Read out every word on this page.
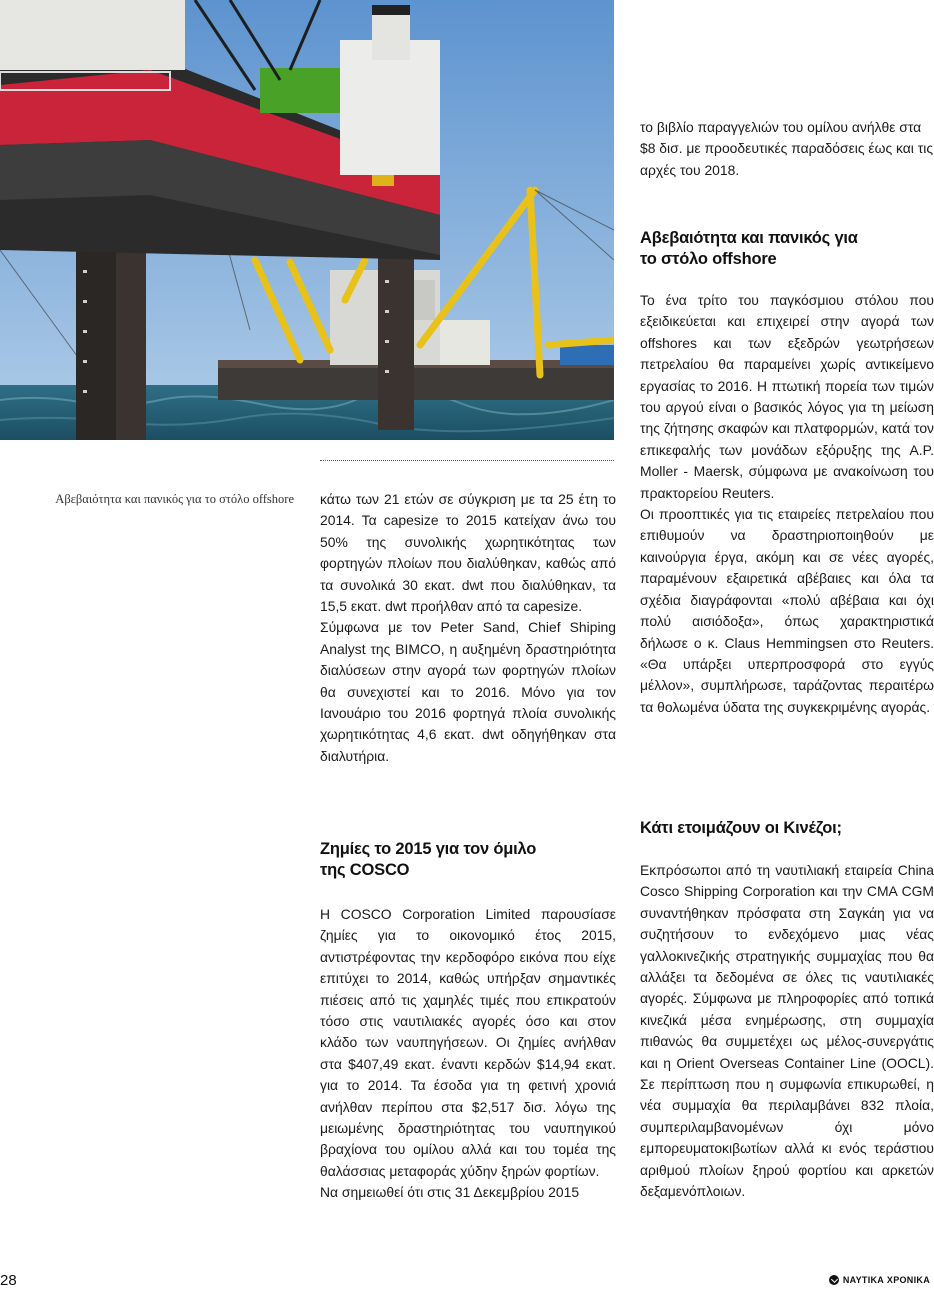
Αβεβαιότητα και πανικός για το στόλο offshore κάτω των 21 ετών σε σύγκριση με τα 25 έτη το 2014. Τα capesize το 2015 κατείχαν άνω του 50% της συνολικής χωρητικότητας των φορτηγών πλοίων που διαλύθηκαν, καθώς από τα συνολικά 30 εκατ. dwt που διαλύθηκαν, τα 15,5 εκατ. dwt προήλθαν από τα capesize.

Σύμφωνα με τον Peter Sand, Chief Shiping Analyst της BIMCO, η αυξημένη δραστηριότητα διαλύσεων στην αγορά των φορτηγών πλοίων θα συνεχιστεί και το 2016. Μόνο για τον Ιανουάριο του 2016 φορτηγά πλοία συνολικής χωρητικότητας 4,6 εκατ. dwt οδηγήθηκαν στα διαλυτήρια.

Ζημίες το 2015 για τον όμιλο
της COSCO

Η COSCO Corporation Limited παρουσίασε ζημίες για το οικονομικό έτος 2015, αντιστρέφοντας την κερδοφόρο εικόνα που είχε επιτύχει το 2014, καθώς υπήρξαν σημαντικές πιέσεις από τις χαμηλές τιμές που επικρατούν τόσο στις ναυτιλιακές αγορές όσο και στον κλάδο των ναυπηγήσεων. Οι ζημίες ανήλθαν στα $407,49 εκατ. έναντι κερδών $14,94 εκατ. για το 2014. Τα έσοδα για τη φετινή χρονιά ανήλθαν περίπου στα $2,517 δισ. λόγω της μειωμένης δραστηριότητας του ναυπηγικού βραχίονα του ομίλου αλλά και του τομέα της θαλάσσιας μεταφοράς χύδην ξηρών φορτίων.

Να σημειωθεί ότι στις 31 Δεκεμβρίου 2015

το βιβλίο παραγγελιών του ομίλου ανήλθε στα $8 δισ. με προοδευτικές παραδόσεις έως και τις αρχές του 2018.

Αβεβαιότητα και πανικός για
το στόλο offshore

Το ένα τρίτο του παγκόσμιου στόλου που εξειδικεύεται και επιχειρεί στην αγορά των offshores και των εξεδρών γεωτρήσεων πετρελαίου θα παραμείνει χωρίς αντικείμενο εργασίας το 2016. Η πτωτική πορεία των τιμών του αργού είναι ο βασικός λόγος για τη μείωση της ζήτησης σκαφών και πλατφορμών, κατά τον επικεφαλής των μονάδων εξόρυξης της A.P. Moller - Maersk, σύμφωνα με ανακοίνωση του πρακτορείου Reuters.

Οι προοπτικές για τις εταιρείες πετρελαίου που επιθυμούν να δραστηριοποιηθούν με καινούργια έργα, ακόμη και σε νέες αγορές, παραμένουν εξαιρετικά αβέβαιες και όλα τα σχέδια διαγράφονται «πολύ αβέβαια και όχι πολύ αισιόδοξα», όπως χαρακτηριστικά δήλωσε ο κ. Claus Hemmingsen στο Reuters. «Θα υπάρξει υπερπροσφορά στο εγγύς μέλλον», συμπλήρωσε, ταράζοντας περαιτέρω τα θολωμένα ύδατα της συγκεκριμένης αγοράς.

Κάτι ετοιμάζουν οι Κινέζοι;

Εκπρόσωποι από τη ναυτιλιακή εταιρεία China Cosco Shipping Corporation και την CMA CGM συναντήθηκαν πρόσφατα στη Σαγκάη για να συζητήσουν το ενδεχόμενο μιας νέας γαλλοκινεζικής στρατηγικής συμμαχίας που θα αλλάξει τα δεδομένα σε όλες τις ναυτιλιακές αγορές. Σύμφωνα με πληροφορίες από τοπικά κινεζικά μέσα ενημέρωσης, στη συμμαχία πιθανώς θα συμμετέχει ως μέλος-συνεργάτις και η Orient Overseas Container Line (OOCL). Σε περίπτωση που η συμφωνία επικυρωθεί, η νέα συμμαχία θα περιλαμβάνει 832 πλοία, συμπεριλαμβανομένων όχι μόνο εμπορευματοκιβωτίων αλλά κι ενός τεράστιου αριθμού πλοίων ξηρού φορτίου και αρκετών δεξαμενόπλοιων.

28	ΝΑΥΤΙΚΑ ΧΡΟΝΙΚΑ
